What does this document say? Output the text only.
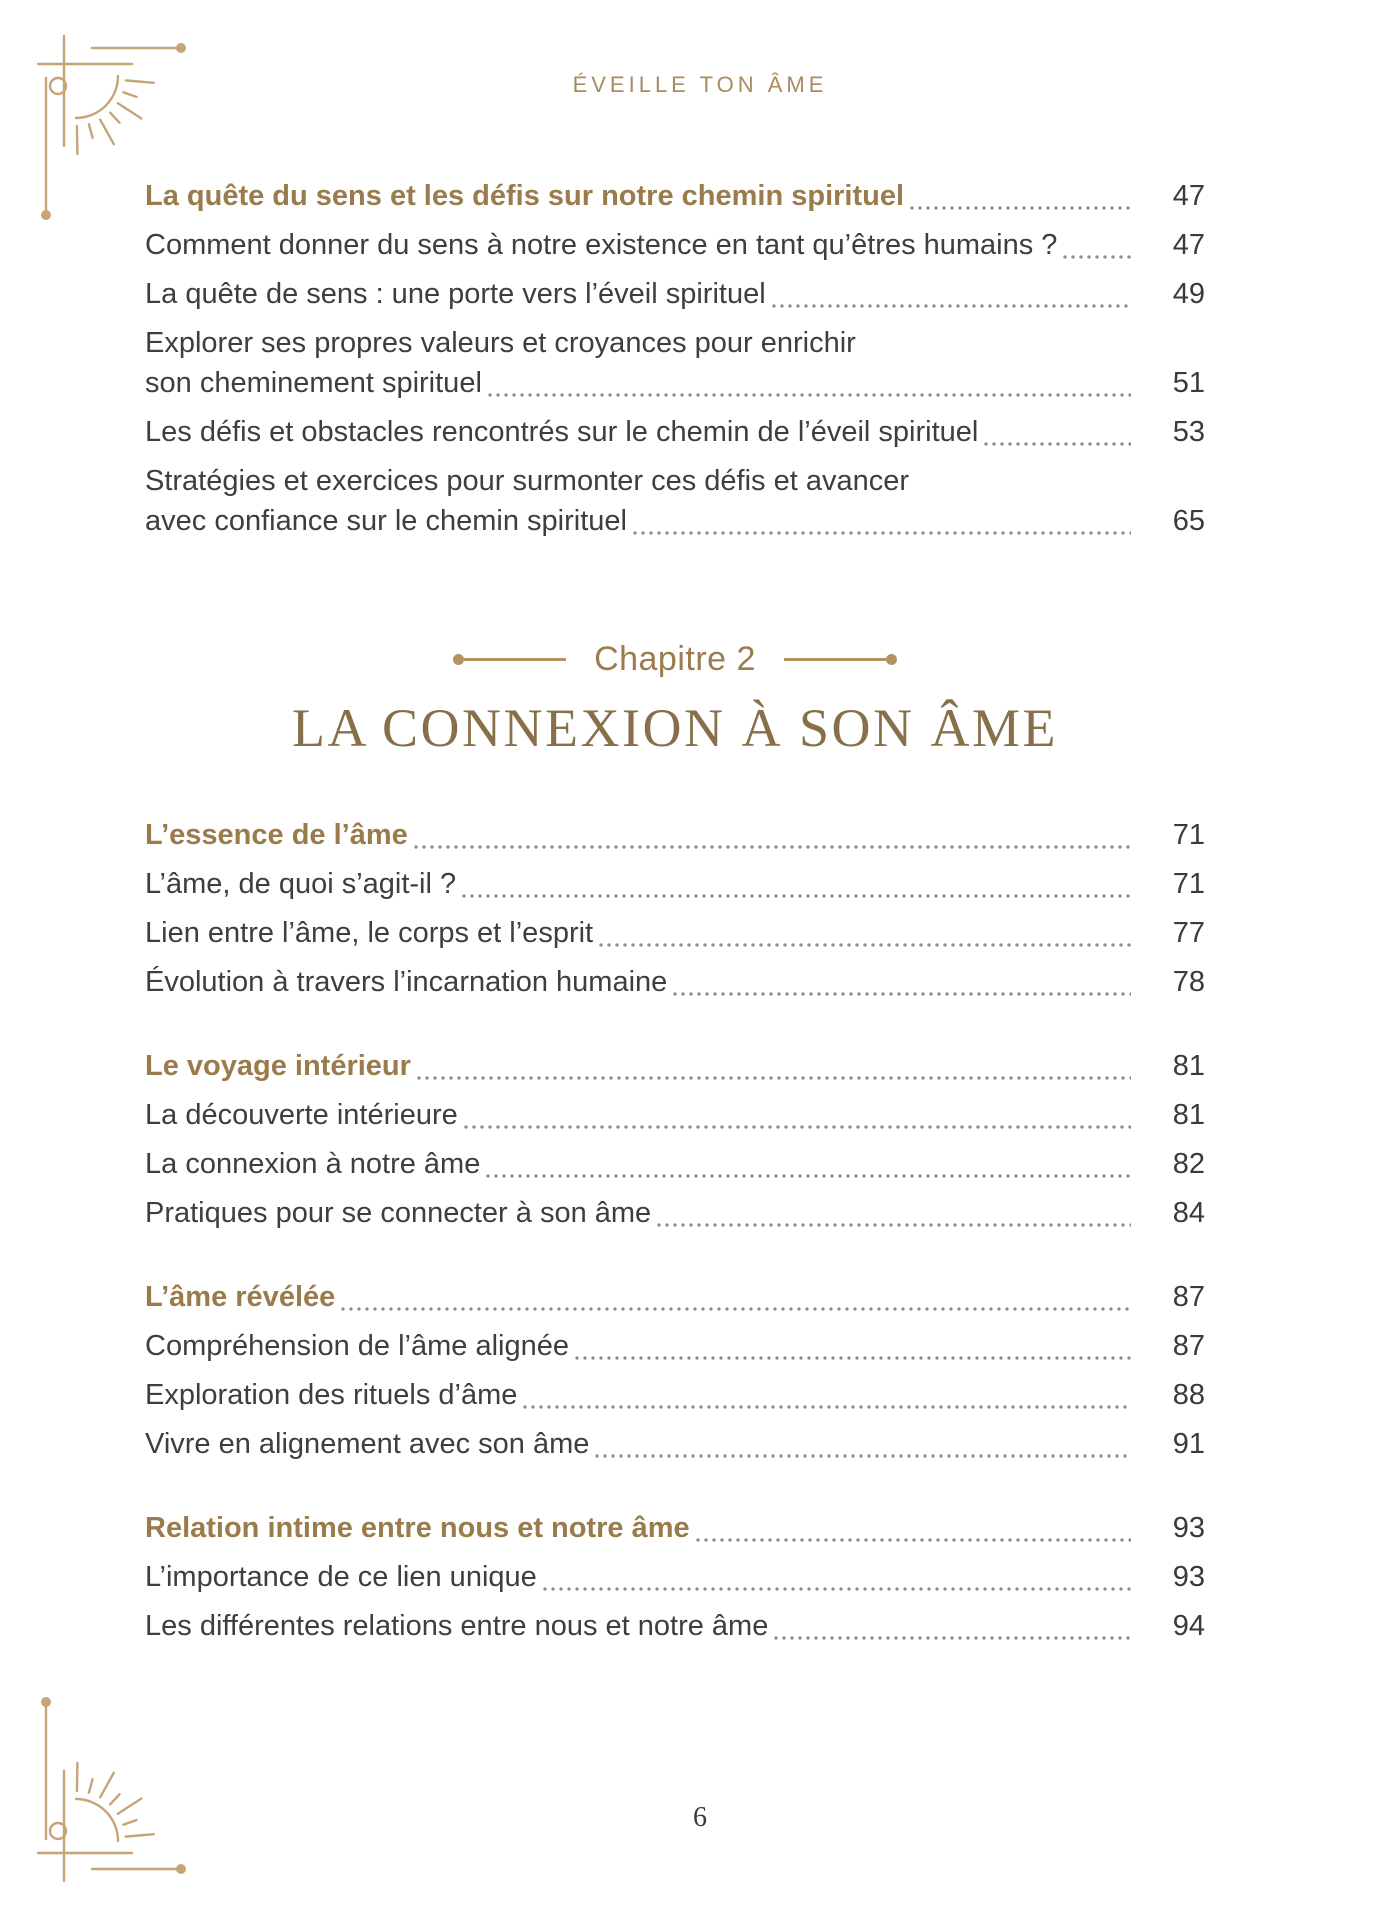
ÉVEILLE TON ÂME
La quête du sens et les défis sur notre chemin spirituel	47
Comment donner du sens à notre existence en tant qu’êtres humains ?	47
La quête de sens : une porte vers l’éveil spirituel	49
Explorer ses propres valeurs et croyances pour enrichir
son cheminement spirituel	51
Les défis et obstacles rencontrés sur le chemin de l’éveil spirituel	53
Stratégies et exercices pour surmonter ces défis et avancer
avec confiance sur le chemin spirituel	65
Chapitre 2
LA CONNEXION À SON ÂME
L’essence de l’âme	71
L’âme, de quoi s’agit-il ?	71
Lien entre l’âme, le corps et l’esprit	77
Évolution à travers l’incarnation humaine	78
Le voyage intérieur	81
La découverte intérieure	81
La connexion à notre âme	82
Pratiques pour se connecter à son âme	84
L’âme révélée	87
Compréhension de l’âme alignée	87
Exploration des rituels d’âme	88
Vivre en alignement avec son âme	91
Relation intime entre nous et notre âme	93
L’importance de ce lien unique	93
Les différentes relations entre nous et notre âme	94
6
